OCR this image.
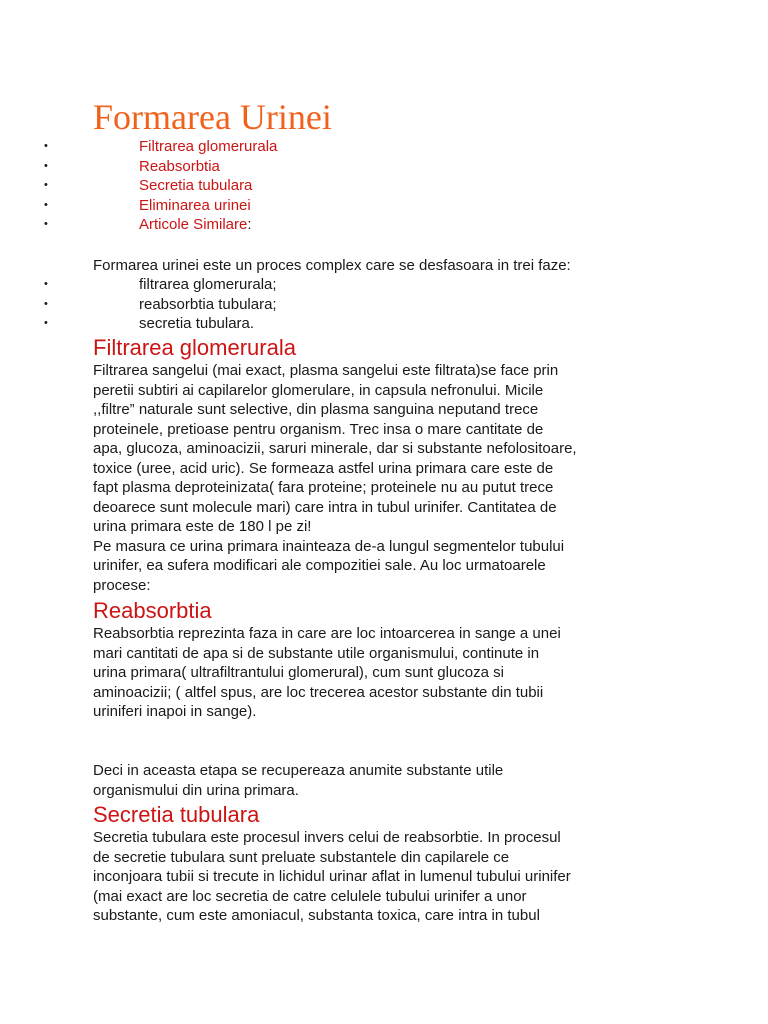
Formarea Urinei
•	Filtrarea glomerurala
•	Reabsorbtia
•	Secretia tubulara
•	Eliminarea urinei
•	Articole Similare:

Formarea urinei este un proces complex care se desfasoara in trei faze:

•	filtrarea glomerurala;
•	reabsorbtia tubulara;
•	secretia tubulara.
Filtrarea glomerurala

Filtrarea sangelui (mai exact, plasma sangelui este filtrata)se face prin
peretii subtiri ai capilarelor glomerulare, in capsula nefronului. Micile
,,filtre” naturale sunt selective, din plasma sanguina neputand trece
proteinele, pretioase pentru organism. Trec insa o mare cantitate de
apa, glucoza, aminoacizii, saruri minerale, dar si substante nefolositoare,
toxice (uree, acid uric). Se formeaza astfel urina primara care este de
fapt plasma deproteinizata( fara proteine; proteinele nu au putut trece
deoarece sunt molecule mari) care intra in tubul urinifer. Cantitatea de
urina primara este de 180 l pe zi!
Pe masura ce urina primara inainteaza de-a lungul segmentelor tubului
urinifer, ea sufera modificari ale compozitiei sale. Au loc urmatoarele
procese:

Reabsorbtia

Reabsorbtia reprezinta faza in care are loc intoarcerea in sange a unei
mari cantitati de apa si de substante utile organismului, continute in
urina primara( ultrafiltrantului glomerural), cum sunt glucoza si
aminoacizii; ( altfel spus, are loc trecerea acestor substante din tubii
uriniferi inapoi in sange).

Deci in aceasta etapa se recupereaza anumite substante utile
organismului din urina primara.

Secretia tubulara

Secretia tubulara este procesul invers celui de reabsorbtie. In procesul
de secretie tubulara sunt preluate substantele din capilarele ce
inconjoara tubii si trecute in lichidul urinar aflat in lumenul tubului urinifer
(mai exact are loc secretia de catre celulele tubului urinifer a unor
substante, cum este amoniacul, substanta toxica, care intra in tubul
